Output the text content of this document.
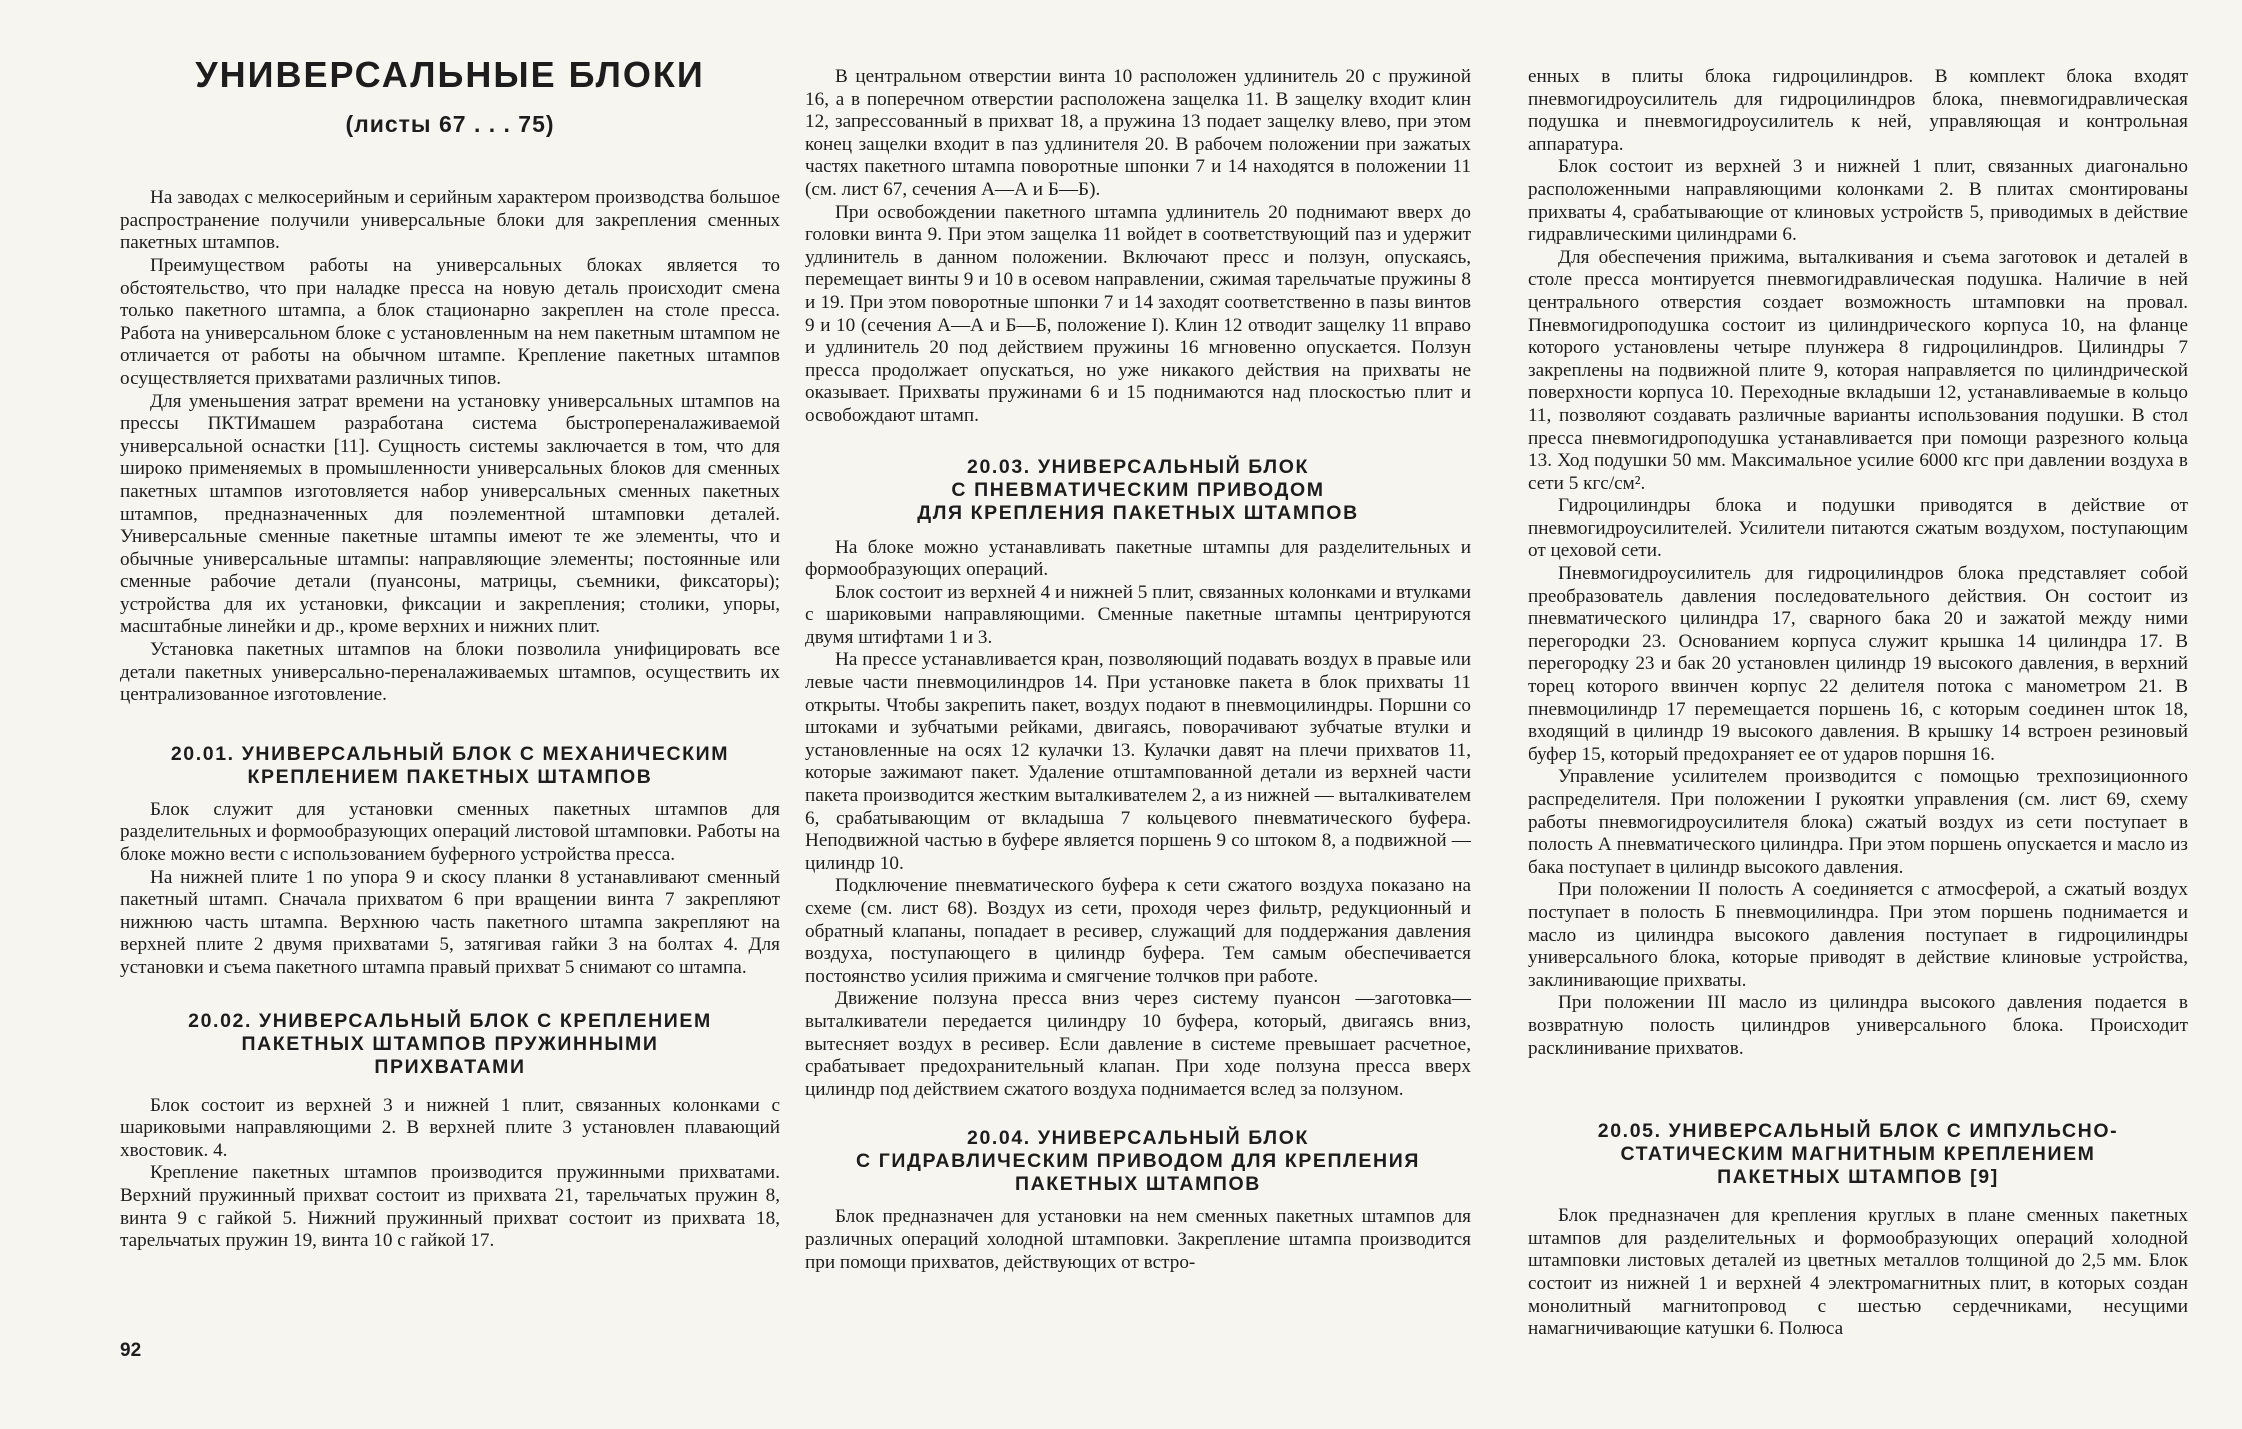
УНИВЕРСАЛЬНЫЕ БЛОКИ
(листы 67 . . . 75)

На заводах с мелкосерийным и серийным характером производства большое распространение получили универсальные блоки для закрепления сменных пакетных штампов.

Преимуществом работы на универсальных блоках является то обстоятельство, что при наладке пресса на новую деталь происходит смена только пакетного штампа, а блок стационарно закреплен на столе пресса. Работа на универсальном блоке с установленным на нем пакетным штампом не отличается от работы на обычном штампе. Крепление пакетных штампов осуществляется прихватами различных типов.

Для уменьшения затрат времени на установку универсальных штампов на прессы ПКТИмашем разработана система быстропереналаживаемой универсальной оснастки [11]. Сущность системы заключается в том, что для широко применяемых в промышленности универсальных блоков для сменных пакетных штампов изготовляется набор универсальных сменных пакетных штампов, предназначенных для поэлементной штамповки деталей. Универсальные сменные пакетные штампы имеют те же элементы, что и обычные универсальные штампы: направляющие элементы; постоянные или сменные рабочие детали (пуансоны, матрицы, съемники, фиксаторы); устройства для их установки, фиксации и закрепления; столики, упоры, масштабные линейки и др., кроме верхних и нижних плит.

Установка пакетных штампов на блоки позволила унифицировать все детали пакетных универсально-переналаживаемых штампов, осуществить их централизованное изготовление.

20.01. УНИВЕРСАЛЬНЫЙ БЛОК С МЕХАНИЧЕСКИМ
КРЕПЛЕНИЕМ ПАКЕТНЫХ ШТАМПОВ

Блок служит для установки сменных пакетных штампов для разделительных и формообразующих операций листовой штамповки. Работы на блоке можно вести с использованием буферного устройства пресса.

На нижней плите 1 по упора 9 и скосу планки 8 устанавливают сменный пакетный штамп. Сначала прихватом 6 при вращении винта 7 закрепляют нижнюю часть штампа. Верхнюю часть пакетного штампа закрепляют на верхней плите 2 двумя прихватами 5, затягивая гайки 3 на болтах 4. Для установки и съема пакетного штампа правый прихват 5 снимают со штампа.

20.02. УНИВЕРСАЛЬНЫЙ БЛОК С КРЕПЛЕНИЕМ
ПАКЕТНЫХ ШТАМПОВ ПРУЖИННЫМИ
ПРИХВАТАМИ

Блок состоит из верхней 3 и нижней 1 плит, связанных колонками с шариковыми направляющими 2. В верхней плите 3 установлен плавающий хвостовик. 4.

Крепление пакетных штампов производится пружинными прихватами. Верхний пружинный прихват состоит из прихвата 21, тарельчатых пружин 8, винта 9 с гайкой 5. Нижний пружинный прихват состоит из прихвата 18, тарельчатых пружин 19, винта 10 с гайкой 17.

92

В центральном отверстии винта 10 расположен удлинитель 20 с пружиной 16, а в поперечном отверстии расположена защелка 11. В защелку входит клин 12, запрессованный в прихват 18, а пружина 13 подает защелку влево, при этом конец защелки входит в паз удлинителя 20. В рабочем положении при зажатых частях пакетного штампа поворотные шпонки 7 и 14 находятся в положении 11 (см. лист 67, сечения А—А и Б—Б).

При освобождении пакетного штампа удлинитель 20 поднимают вверх до головки винта 9. При этом защелка 11 войдет в соответствующий паз и удержит удлинитель в данном положении. Включают пресс и ползун, опускаясь, перемещает винты 9 и 10 в осевом направлении, сжимая тарельчатые пружины 8 и 19. При этом поворотные шпонки 7 и 14 заходят соответственно в пазы винтов 9 и 10 (сечения А—А и Б—Б, положение I). Клин 12 отводит защелку 11 вправо и удлинитель 20 под действием пружины 16 мгновенно опускается. Ползун пресса продолжает опускаться, но уже никакого действия на прихваты не оказывает. Прихваты пружинами 6 и 15 поднимаются над плоскостью плит и освобождают штамп.

20.03. УНИВЕРСАЛЬНЫЙ БЛОК
С ПНЕВМАТИЧЕСКИМ ПРИВОДОМ
ДЛЯ КРЕПЛЕНИЯ ПАКЕТНЫХ ШТАМПОВ

На блоке можно устанавливать пакетные штампы для разделительных и формообразующих операций.

Блок состоит из верхней 4 и нижней 5 плит, связанных колонками и втулками с шариковыми направляющими. Сменные пакетные штампы центрируются двумя штифтами 1 и 3.

На прессе устанавливается кран, позволяющий подавать воздух в правые или левые части пневмоцилиндров 14. При установке пакета в блок прихваты 11 открыты. Чтобы закрепить пакет, воздух подают в пневмоцилиндры. Поршни со штоками и зубчатыми рейками, двигаясь, поворачивают зубчатые втулки и установленные на осях 12 кулачки 13. Кулачки давят на плечи прихватов 11, которые зажимают пакет. Удаление отштампованной детали из верхней части пакета производится жестким выталкивателем 2, а из нижней — выталкивателем 6, срабатывающим от вкладыша 7 кольцевого пневматического буфера. Неподвижной частью в буфере является поршень 9 со штоком 8, а подвижной — цилиндр 10.

Подключение пневматического буфера к сети сжатого воздуха показано на схеме (см. лист 68). Воздух из сети, проходя через фильтр, редукционный и обратный клапаны, попадает в ресивер, служащий для поддержания давления воздуха, поступающего в цилиндр буфера. Тем самым обеспечивается постоянство усилия прижима и смягчение толчков при работе.

Движение ползуна пресса вниз через систему пуансон —заготовка— выталкиватели передается цилиндру 10 буфера, который, двигаясь вниз, вытесняет воздух в ресивер. Если давление в системе превышает расчетное, срабатывает предохранительный клапан. При ходе ползуна пресса вверх цилиндр под действием сжатого воздуха поднимается вслед за ползуном.

20.04. УНИВЕРСАЛЬНЫЙ БЛОК
С ГИДРАВЛИЧЕСКИМ ПРИВОДОМ ДЛЯ КРЕПЛЕНИЯ
ПАКЕТНЫХ ШТАМПОВ

Блок предназначен для установки на нем сменных пакетных штампов для различных операций холодной штамповки. Закрепление штампа производится при помощи прихватов, действующих от встро-

енных в плиты блока гидроцилиндров. В комплект блока входят пневмогидроусилитель для гидроцилиндров блока, пневмогидравлическая подушка и пневмогидроусилитель к ней, управляющая и контрольная аппаратура.

Блок состоит из верхней 3 и нижней 1 плит, связанных диагонально расположенными направляющими колонками 2. В плитах смонтированы прихваты 4, срабатывающие от клиновых устройств 5, приводимых в действие гидравлическими цилиндрами 6.

Для обеспечения прижима, выталкивания и съема заготовок и деталей в столе пресса монтируется пневмогидравлическая подушка. Наличие в ней центрального отверстия создает возможность штамповки на провал. Пневмогидроподушка состоит из цилиндрического корпуса 10, на фланце которого установлены четыре плунжера 8 гидроцилиндров. Цилиндры 7 закреплены на подвижной плите 9, которая направляется по цилиндрической поверхности корпуса 10. Переходные вкладыши 12, устанавливаемые в кольцо 11, позволяют создавать различные варианты использования подушки. В стол пресса пневмогидроподушка устанавливается при помощи разрезного кольца 13. Ход подушки 50 мм. Максимальное усилие 6000 кгс при давлении воздуха в сети 5 кгс/см².

Гидроцилиндры блока и подушки приводятся в действие от пневмогидроусилителей. Усилители питаются сжатым воздухом, поступающим от цеховой сети.

Пневмогидроусилитель для гидроцилиндров блока представляет собой преобразователь давления последовательного действия. Он состоит из пневматического цилиндра 17, сварного бака 20 и зажатой между ними перегородки 23. Основанием корпуса служит крышка 14 цилиндра 17. В перегородку 23 и бак 20 установлен цилиндр 19 высокого давления, в верхний торец которого ввинчен корпус 22 делителя потока с манометром 21. В пневмоцилиндр 17 перемещается поршень 16, с которым соединен шток 18, входящий в цилиндр 19 высокого давления. В крышку 14 встроен резиновый буфер 15, который предохраняет ее от ударов поршня 16.

Управление усилителем производится с помощью трехпозиционного распределителя. При положении I рукоятки управления (см. лист 69, схему работы пневмогидроусилителя блока) сжатый воздух из сети поступает в полость А пневматического цилиндра. При этом поршень опускается и масло из бака поступает в цилиндр высокого давления.

При положении II полость А соединяется с атмосферой, а сжатый воздух поступает в полость Б пневмоцилиндра. При этом поршень поднимается и масло из цилиндра высокого давления поступает в гидроцилиндры универсального блока, которые приводят в действие клиновые устройства, заклинивающие прихваты.

При положении III масло из цилиндра высокого давления подается в возвратную полость цилиндров универсального блока. Происходит расклинивание прихватов.

20.05. УНИВЕРСАЛЬНЫЙ БЛОК С ИМПУЛЬСНО-
СТАТИЧЕСКИМ МАГНИТНЫМ КРЕПЛЕНИЕМ
ПАКЕТНЫХ ШТАМПОВ [9]

Блок предназначен для крепления круглых в плане сменных пакетных штампов для разделительных и формообразующих операций холодной штамповки листовых деталей из цветных металлов толщиной до 2,5 мм. Блок состоит из нижней 1 и верхней 4 электромагнитных плит, в которых создан монолитный магнитопровод с шестью сердечниками, несущими намагничивающие катушки 6. Полюса
